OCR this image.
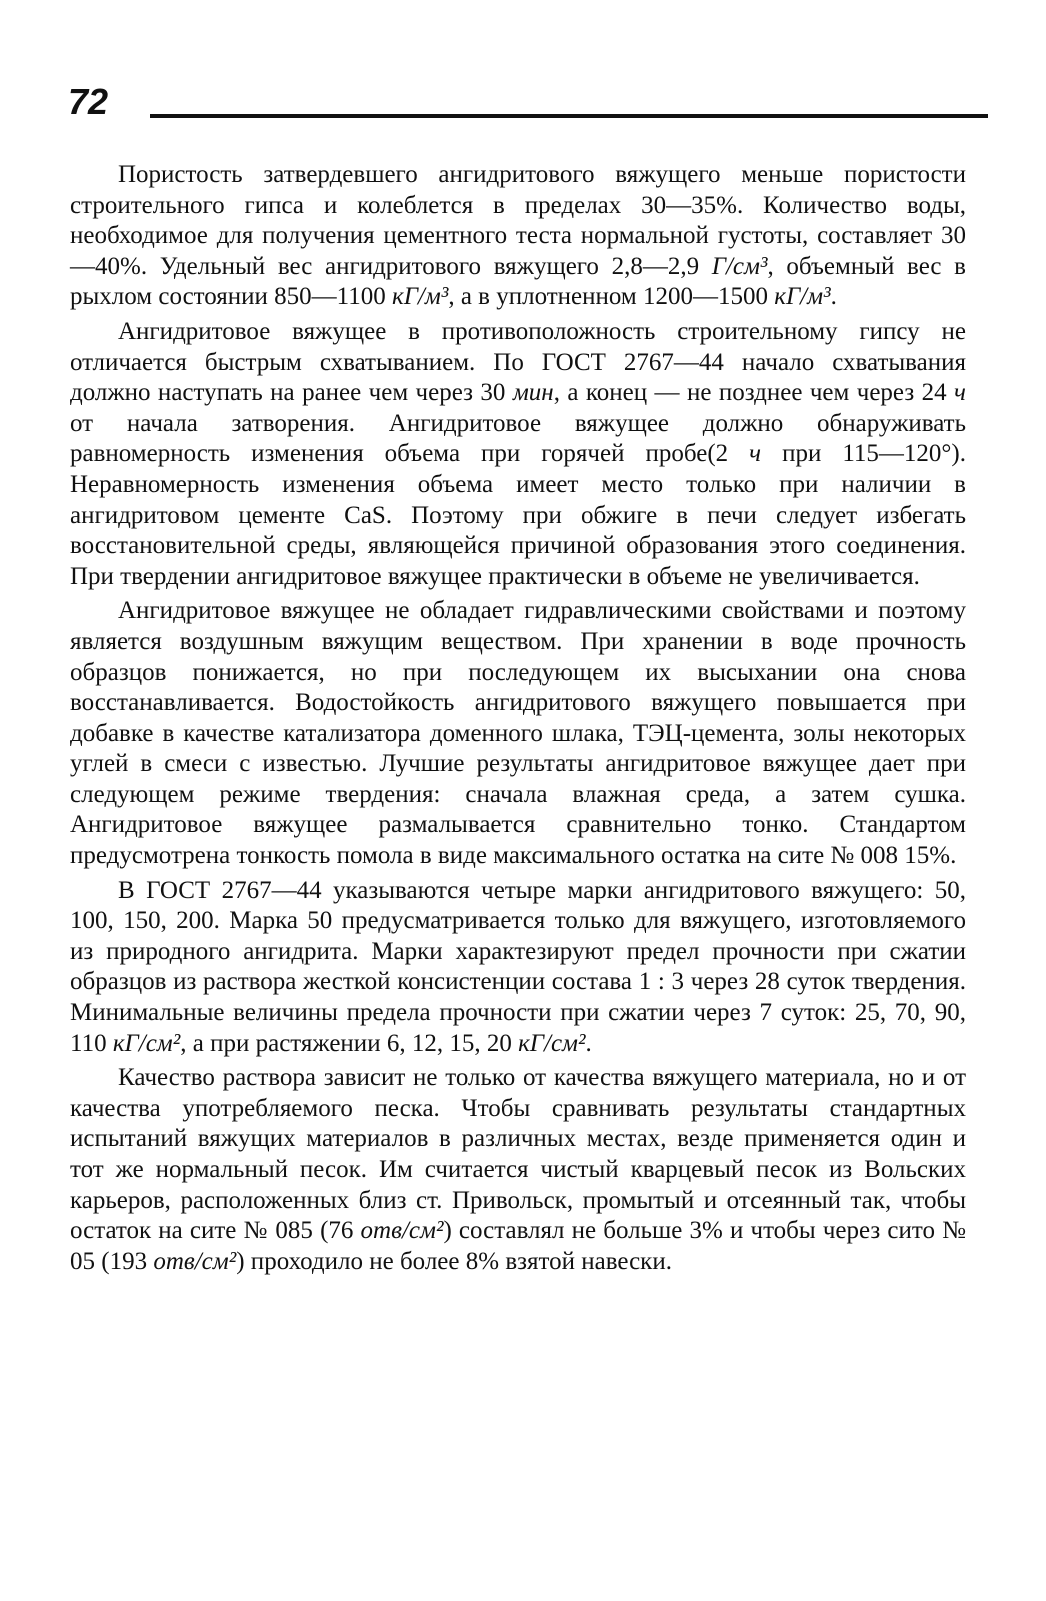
72

Пористость затвердевшего ангидритового вяжущего меньше пористости строительного гипса и колеблется в пределах 30—35%. Количество воды, необходимое для получения цементного теста нормальной густоты, составляет 30—40%. Удельный вес ангидритового вяжущего 2,8—2,9 Г/см³, объемный вес в рыхлом состоянии 850—1100 кГ/м³, а в уплотненном 1200—1500 кГ/м³.

Ангидритовое вяжущее в противоположность строительному гипсу не отличается быстрым схватыванием. По ГОСТ 2767—44 начало схватывания должно наступать на ранее чем через 30 мин, а конец — не позднее чем через 24 ч от начала затворения. Ангидритовое вяжущее должно обнаруживать равномерность изменения объема при горячей пробе(2 ч при 115—120°). Неравномерность изменения объема имеет место только при наличии в ангидритовом цементе CaS. Поэтому при обжиге в печи следует избегать восстановительной среды, являющейся причиной образования этого соединения. При твердении ангидритовое вяжущее практически в объеме не увеличивается.

Ангидритовое вяжущее не обладает гидравлическими свойствами и поэтому является воздушным вяжущим веществом. При хранении в воде прочность образцов понижается, но при последующем их высыхании она снова восстанавливается. Водостойкость ангидритового вяжущего повышается при добавке в качестве катализатора доменного шлака, ТЭЦ-цемента, золы некоторых углей в смеси с известью. Лучшие результаты ангидритовое вяжущее дает при следующем режиме твердения: сначала влажная среда, а затем сушка. Ангидритовое вяжущее размалывается сравнительно тонко. Стандартом предусмотрена тонкость помола в виде максимального остатка на сите № 008 15%.

В ГОСТ 2767—44 указываются четыре марки ангидритового вяжущего: 50, 100, 150, 200. Марка 50 предусматривается только для вяжущего, изготовляемого из природного ангидрита. Марки характезируют предел прочности при сжатии образцов из раствора жесткой консистенции состава 1 : 3 через 28 суток твердения. Минимальные величины предела прочности при сжатии через 7 суток: 25, 70, 90, 110 кГ/см², а при растяжении 6, 12, 15, 20 кГ/см².

Качество раствора зависит не только от качества вяжущего материала, но и от качества употребляемого песка. Чтобы сравнивать результаты стандартных испытаний вяжущих материалов в различных местах, везде применяется один и тот же нормальный песок. Им считается чистый кварцевый песок из Вольских карьеров, расположенных близ ст. Привольск, промытый и отсеянный так, чтобы остаток на сите № 085 (76 отв/см²) составлял не больше 3% и чтобы через сито № 05 (193 отв/см²) проходило не более 8% взятой навески.
